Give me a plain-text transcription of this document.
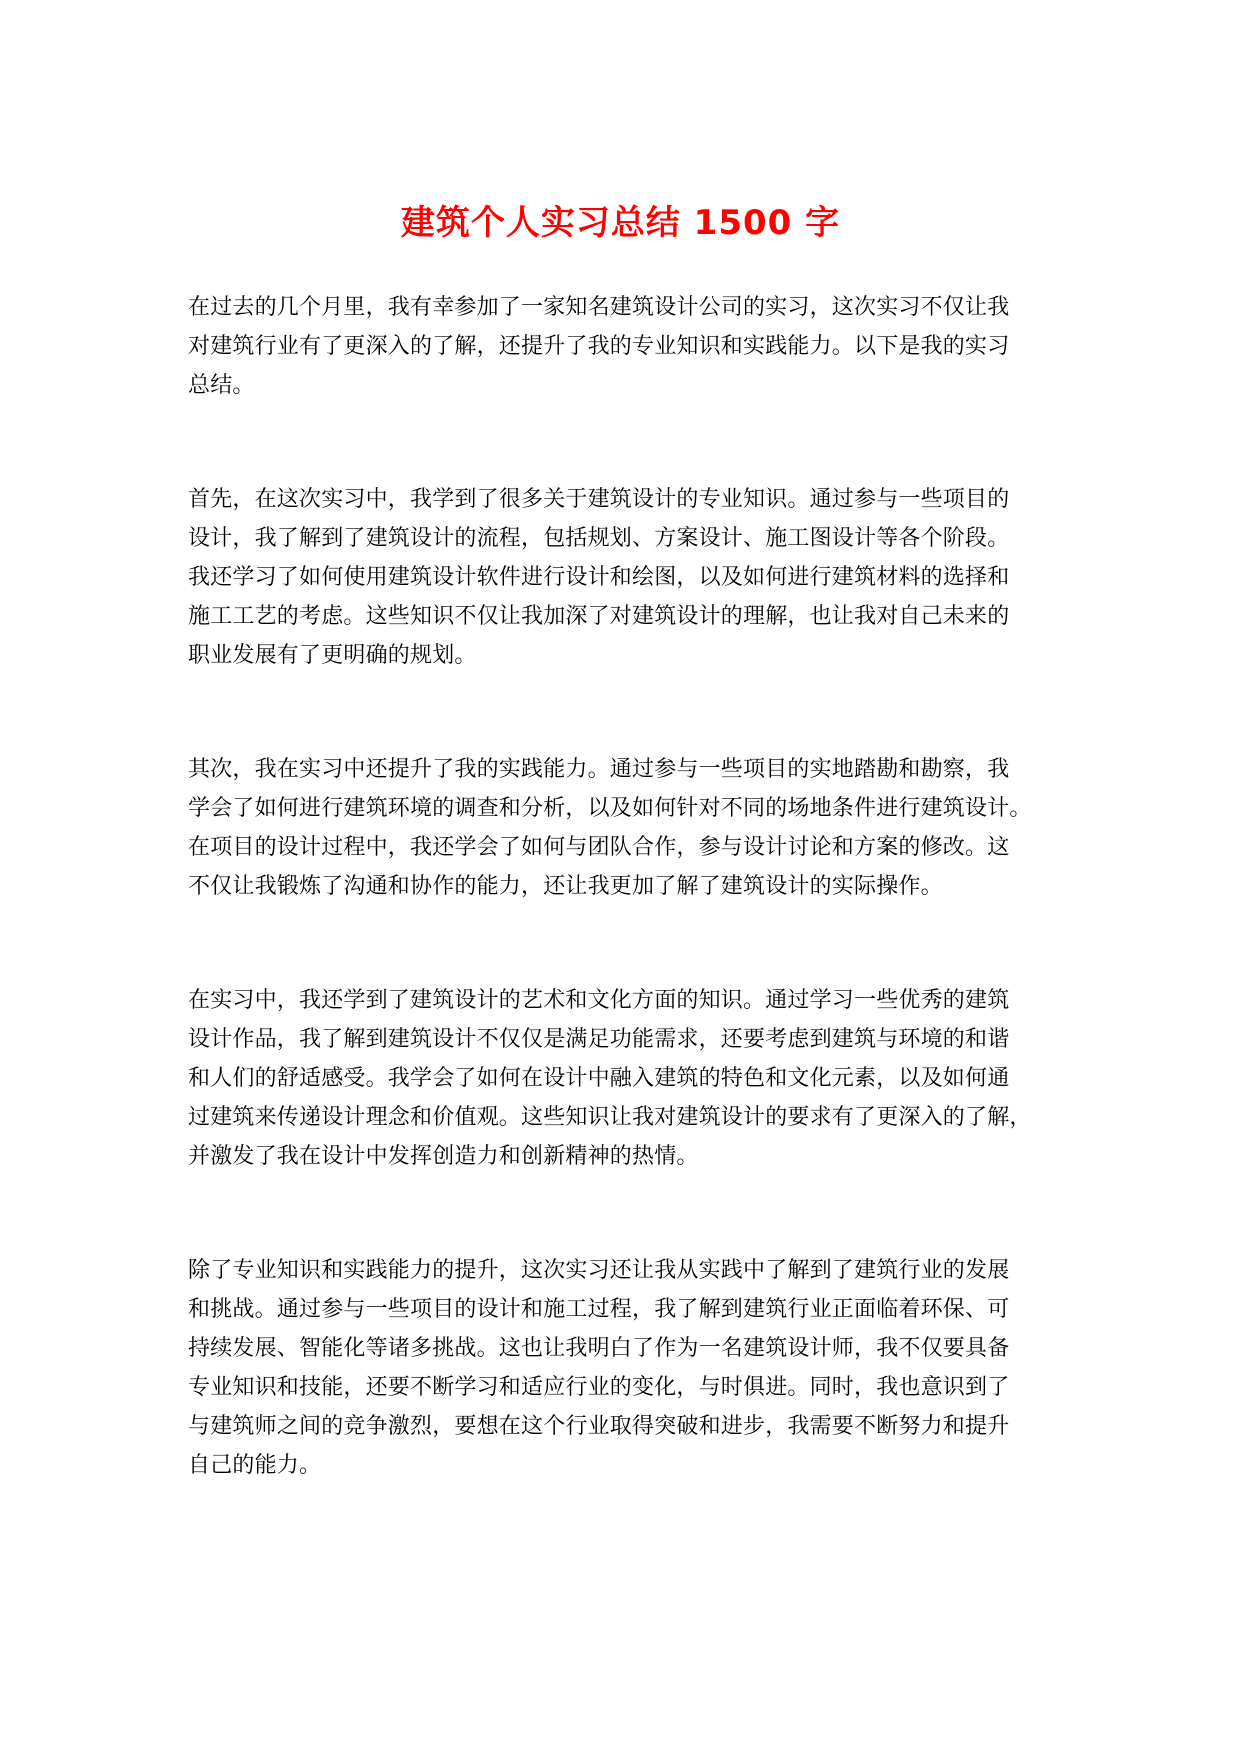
建筑个人实习总结 1500 字
在过去的几个月里，我有幸参加了一家知名建筑设计公司的实习，这次实习不仅让我
对建筑行业有了更深入的了解，还提升了我的专业知识和实践能力。以下是我的实习
总结。
首先，在这次实习中，我学到了很多关于建筑设计的专业知识。通过参与一些项目的
设计，我了解到了建筑设计的流程，包括规划、方案设计、施工图设计等各个阶段。
我还学习了如何使用建筑设计软件进行设计和绘图，以及如何进行建筑材料的选择和
施工工艺的考虑。这些知识不仅让我加深了对建筑设计的理解，也让我对自己未来的
职业发展有了更明确的规划。
其次，我在实习中还提升了我的实践能力。通过参与一些项目的实地踏勘和勘察，我
学会了如何进行建筑环境的调查和分析，以及如何针对不同的场地条件进行建筑设计。
在项目的设计过程中，我还学会了如何与团队合作，参与设计讨论和方案的修改。这
不仅让我锻炼了沟通和协作的能力，还让我更加了解了建筑设计的实际操作。
在实习中，我还学到了建筑设计的艺术和文化方面的知识。通过学习一些优秀的建筑
设计作品，我了解到建筑设计不仅仅是满足功能需求，还要考虑到建筑与环境的和谐
和人们的舒适感受。我学会了如何在设计中融入建筑的特色和文化元素，以及如何通
过建筑来传递设计理念和价值观。这些知识让我对建筑设计的要求有了更深入的了解，
并激发了我在设计中发挥创造力和创新精神的热情。
除了专业知识和实践能力的提升，这次实习还让我从实践中了解到了建筑行业的发展
和挑战。通过参与一些项目的设计和施工过程，我了解到建筑行业正面临着环保、可
持续发展、智能化等诸多挑战。这也让我明白了作为一名建筑设计师，我不仅要具备
专业知识和技能，还要不断学习和适应行业的变化，与时俱进。同时，我也意识到了
与建筑师之间的竞争激烈，要想在这个行业取得突破和进步，我需要不断努力和提升
自己的能力。
